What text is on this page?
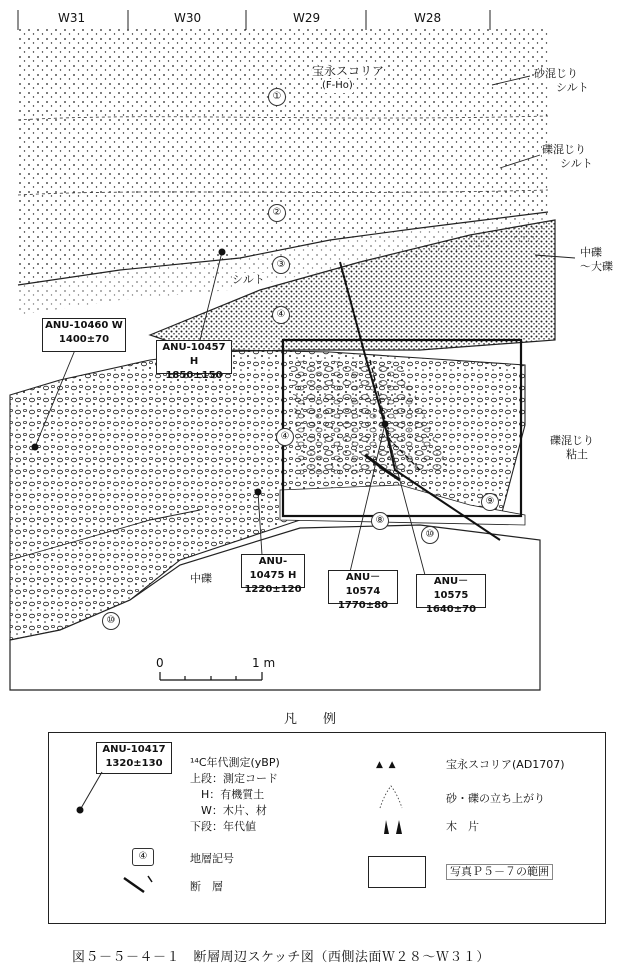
W31	W30	W29	W28
宝永スコリア
(F-Ho)
砂混じり
シルト
礫混じり
シルト
シルト
中礫
～大礫
礫混じり
粘土
中礫
①
②
③
④
④
⑧
⑨
⑩
⑩
ANU-10460 W
1400±70
ANU-10457 H
1850±150
ANU-10475 H
1220±120
ANU－10574
1770±80
ANU－10575
1640±70
0	1 m
凡　　例
ANU-10417
1320±130	¹⁴C年代測定(yBP)
上段：測定コード
　H：有機質土
　W：木片、材
下段：年代値
④	地層記号
断　層
▲  ▲	宝永スコリア(AD1707)
砂・礫の立ち上がり
木　片
写真Ｐ５－７の範囲
図５－５－４－１　断層周辺スケッチ図（西側法面Ｗ２８～Ｗ３１）
